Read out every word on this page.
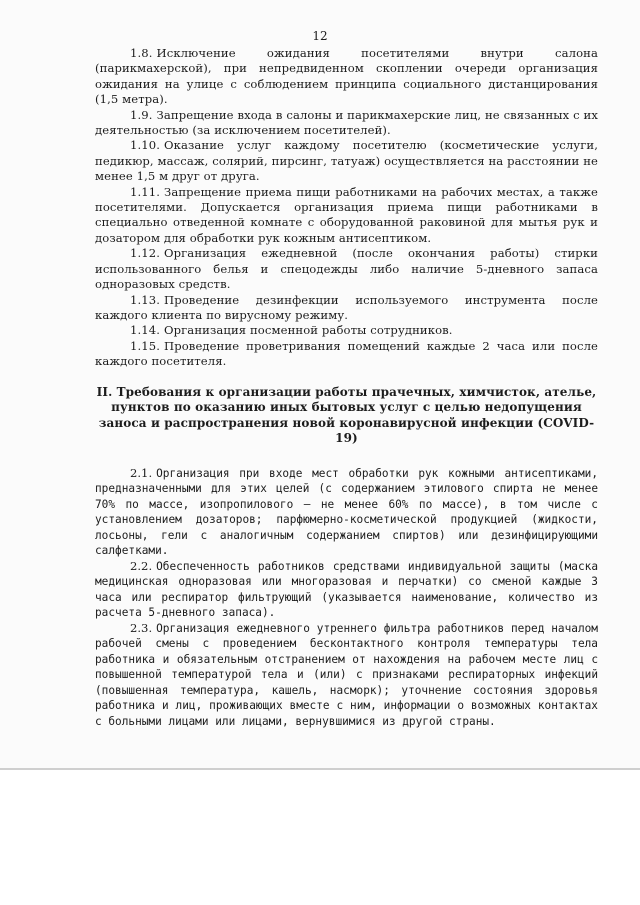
12

1.8. Исключение ожидания посетителями внутри салона (парикмахерской), при непредвиденном скоплении очереди организация ожидания на улице с соблюдением принципа социального дистанцирования (1,5 метра).

1.9. Запрещение входа в салоны и парикмахерские лиц, не связанных с их деятельностью (за исключением посетителей).

1.10. Оказание услуг каждому посетителю (косметические услуги, педикюр, массаж, солярий, пирсинг, татуаж) осуществляется на расстоянии не менее 1,5 м друг от друга.

1.11. Запрещение приема пищи работниками на рабочих местах, а также посетителями. Допускается организация приема пищи работниками в специально отведенной комнате с оборудованной раковиной для мытья рук и дозатором для обработки рук кожным антисептиком.

1.12. Организация ежедневной (после окончания работы) стирки использованного белья и спецодежды либо наличие 5-дневного запаса одноразовых средств.

1.13. Проведение дезинфекции используемого инструмента после каждого клиента по вирусному режиму.

1.14. Организация посменной работы сотрудников.

1.15. Проведение проветривания помещений каждые 2 часа или после каждого посетителя.

II. Требования к организации работы прачечных, химчисток, ателье, пунктов по оказанию иных бытовых услуг с целью недопущения заноса и распространения новой коронавирусной инфекции (COVID-19)

2.1. Организация при входе мест обработки рук кожными антисептиками, предназначенными для этих целей (с содержанием этилового спирта не менее 70% по массе, изопропилового – не менее 60% по массе), в том числе с установлением дозаторов; парфюмерно-косметической продукцией (жидкости, лосьоны, гели с аналогичным содержанием спиртов) или дезинфицирующими салфетками.

2.2. Обеспеченность работников средствами индивидуальной защиты (маска медицинская одноразовая или многоразовая и перчатки) со сменой каждые 3 часа или респиратор фильтрующий (указывается наименование, количество из расчета 5-дневного запаса).

2.3. Организация ежедневного утреннего фильтра работников перед началом рабочей смены с проведением бесконтактного контроля температуры тела работника и обязательным отстранением от нахождения на рабочем месте лиц с повышенной температурой тела и (или) с признаками респираторных инфекций (повышенная температура, кашель, насморк); уточнение состояния здоровья работника и лиц, проживающих вместе с ним, информации о возможных контактах с больными лицами или лицами, вернувшимися из другой страны.
